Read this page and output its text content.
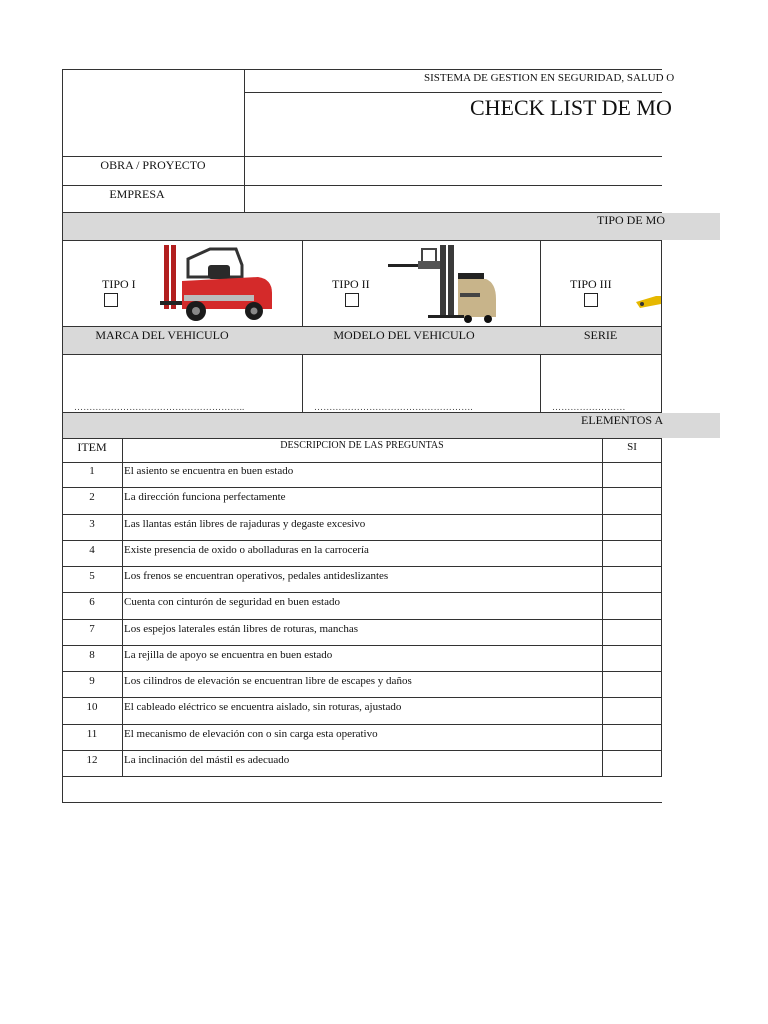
SISTEMA DE GESTION EN SEGURIDAD, SALUD O
CHECK LIST DE MO
OBRA / PROYECTO
EMPRESA
TIPO DE MO
TIPO I	TIPO II	TIPO III
MARCA DEL VEHICULO	MODELO DEL VEHICULO	SERIE
………………………………………………..	…………………………………………….	……………………
ELEMENTOS A
ITEM	DESCRIPCION DE LAS PREGUNTAS	SI
1	El asiento se encuentra en buen estado
2	La dirección funciona perfectamente
3	Las llantas están libres de rajaduras y degaste excesivo
4	Existe presencia de oxido o abolladuras en la carrocería
5	Los frenos se encuentran operativos, pedales antideslizantes
6	Cuenta con cinturón de seguridad en buen estado
7	Los espejos laterales están libres de roturas, manchas
8	La rejilla de apoyo se encuentra en buen estado
9	Los cilindros de elevación se encuentran libre de escapes y daños
10	El cableado eléctrico se encuentra aislado, sin roturas, ajustado
11	El mecanismo de elevación con o sin carga esta operativo
12	La inclinación del mástil es adecuado
